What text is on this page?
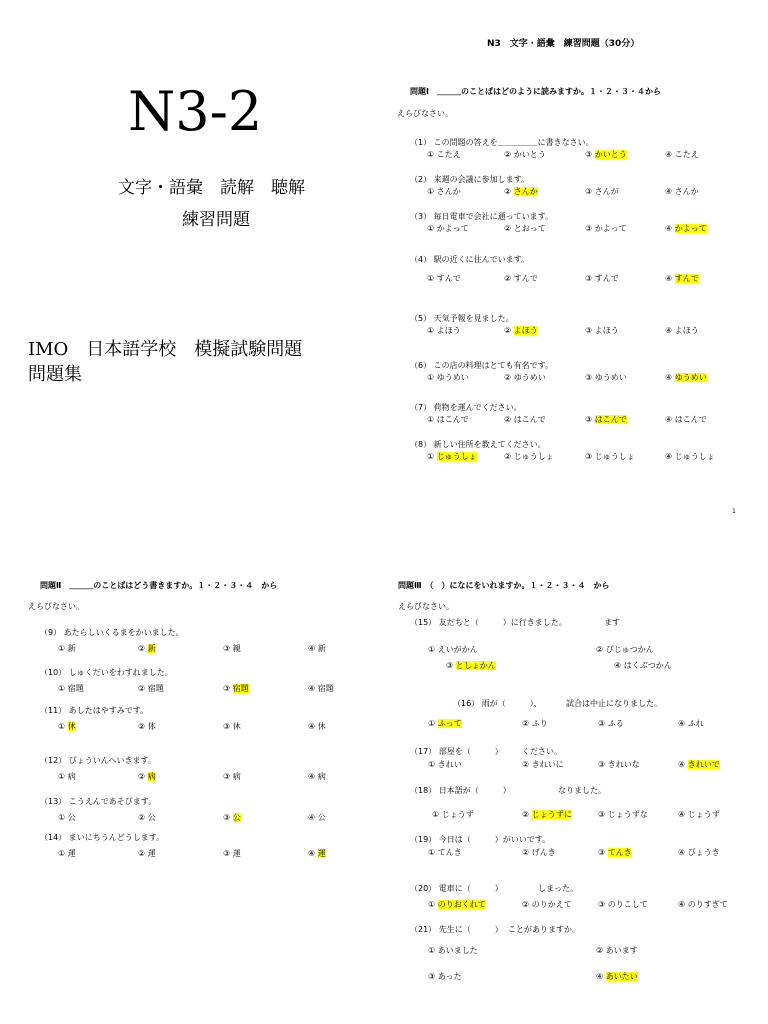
N3　文字・語彙　練習問題（30分）
N3-2
文字・語彙　読解　聴解
練習問題
IMO　日本語学校　模擬試験問題
問題集
問題Ⅰ　＿＿＿のことばはどのように読みますか。１・２・３・４から
えらびなさい。
（1） この問題の答えを＿＿＿＿＿に書きなさい。
① こたえ	② かいとう	③ かいとう	④ こたえ
（2） 来週の会議に参加します。
① さんか	② さんか	③ さんが	④ さんか
（3） 毎日電車で会社に通っています。
① かよって	② とおって	③ かよって	④ かよって
（4） 駅の近くに住んでいます。
① すんで	② すんで	③ すんで	④ すんで
（5） 天気予報を見ました。
① よほう	② よほう	③ よほう	④ よほう
（6） この店の料理はとても有名です。
① ゆうめい	② ゆうめい	③ ゆうめい	④ ゆうめい
（7） 荷物を運んでください。
① はこんで	② はこんで	③ はこんで	④ はこんで
（8） 新しい住所を教えてください。
① じゅうしょ	② じゅうしょ	③ じゅうしょ	④ じゅうしょ
1
問題Ⅱ　＿＿＿のことばはどう書きますか。１・２・３・４　から
えらびなさい。
（9） あたらしいくるまをかいました。
① 新	② 新	③ 親	④ 新
（10） しゅくだいをわすれました。
① 宿題	② 宿題	③ 宿題	④ 宿題
（11） あしたはやすみです。
① 休	② 体	③ 休	④ 休
（12） びょういんへいきます。
① 病	② 病	③ 病	④ 病
（13） こうえんであそびます。
① 公	② 公	③ 公	④ 公
（14） まいにちうんどうします。
① 運	② 運	③ 運	④ 運
問題Ⅲ　（　）になにをいれますか。１・２・３・４　から
えらびなさい。
（15） 友だちと（　　　）に行きました。	ます
① えいがかん	② びじゅつかん
③ としょかん	④ はくぶつかん
（16） 雨が（　　　）、	試合は中止になりました。
① ふって	② ふり	③ ふる	④ ふれ
（17） 部屋を（　　　） ください。
① きれい	② きれいに	③ きれいな	④ きれいで
（18） 日本語が（　　　）	なりました。
① じょうず	② じょうずに	③ じょうずな	④ じょうず
（19） 今日は（　　　）がいいです。
① てんき	② げんき	③ てんき	④ びょうき
（20） 電車に（　　　）	しまった。
① のりおくれて	② のりかえて	③ のりこして	④ のりすぎて
（21） 先生に（　　　） ことがありますか。
① あいました	② あいます
③ あった	④ あいたい
